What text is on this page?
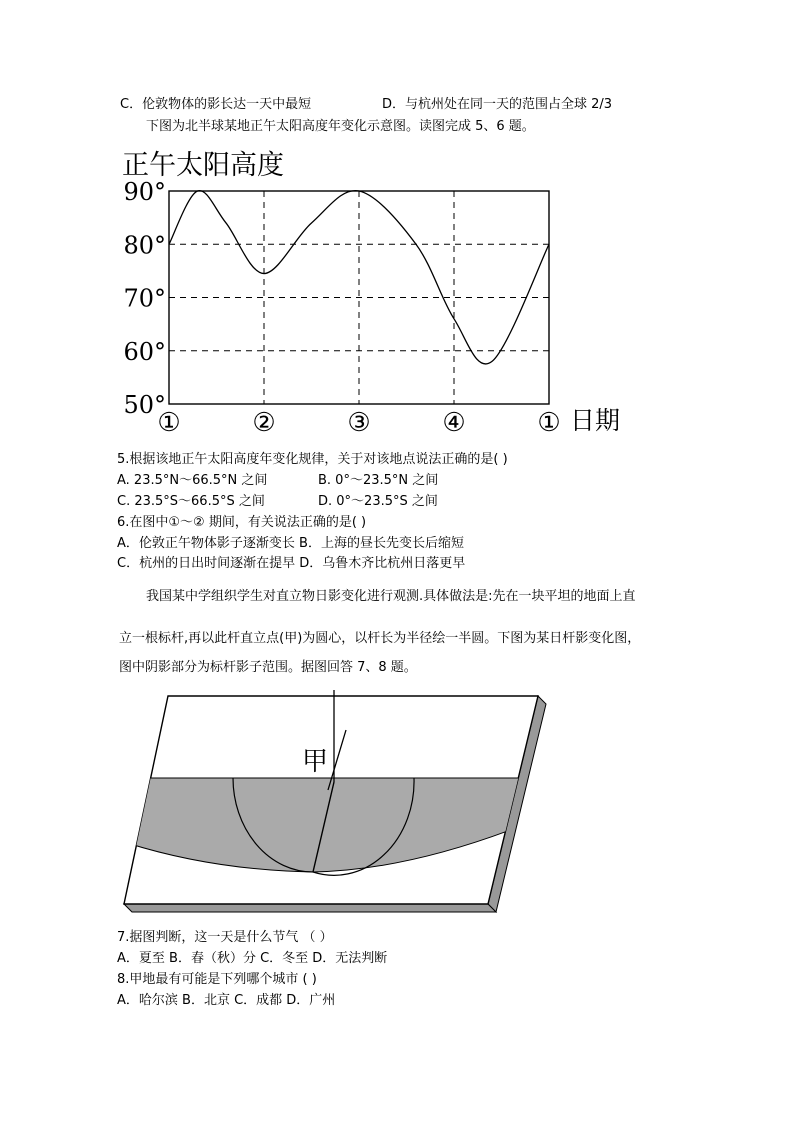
C．伦敦物体的影长达一天中最短	D．与杭州处在同一天的范围占全球 2/3
下图为北半球某地正午太阳高度年变化示意图。读图完成 5、6 题。
正午太阳高度
90°
80°
70°
60°
50°
①	②	③	④	① 日期
5.根据该地正午太阳高度年变化规律，关于对该地点说法正确的是( )
A. 23.5°N～66.5°N 之间	B. 0°～23.5°N 之间
C. 23.5°S～66.5°S 之间	D. 0°～23.5°S 之间
6.在图中①～② 期间，有关说法正确的是( )
A．伦敦正午物体影子逐渐变长 B．上海的昼长先变长后缩短
C．杭州的日出时间逐渐在提早 D．乌鲁木齐比杭州日落更早
我国某中学组织学生对直立物日影变化进行观测.具体做法是:先在一块平坦的地面上直
立一根标杆,再以此杆直立点(甲)为圆心，以杆长为半径绘一半圆。下图为某日杆影变化图，
图中阴影部分为标杆影子范围。据图回答 7、8 题。
甲
7.据图判断，这一天是什么节气 （ ）
A．夏至 B．春（秋）分 C．冬至 D．无法判断
8.甲地最有可能是下列哪个城市 ( )
A．哈尔滨 B．北京 C．成都 D．广州
